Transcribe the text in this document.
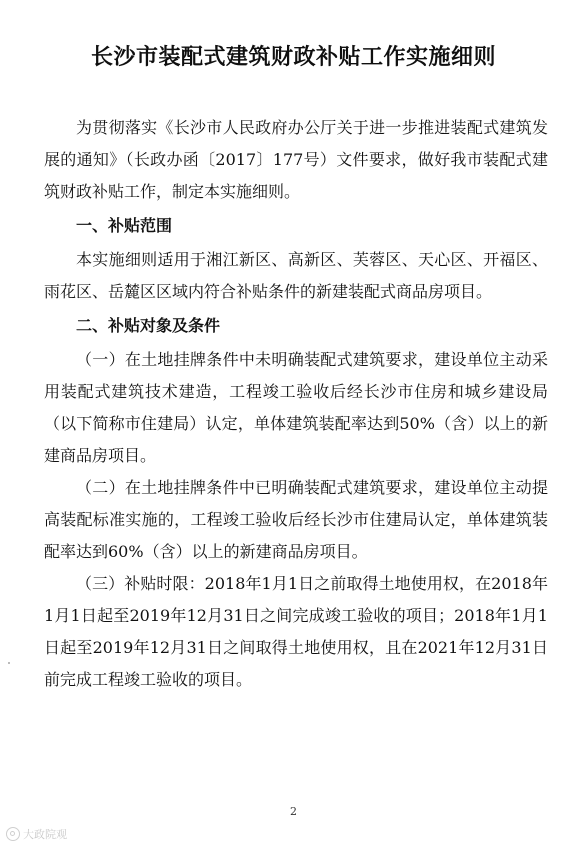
长沙市装配式建筑财政补贴工作实施细则

为贯彻落实《长沙市人民政府办公厅关于进一步推进装配式建筑发展的通知》（长政办函〔2017〕177号）文件要求，做好我市装配式建筑财政补贴工作，制定本实施细则。

一、补贴范围

本实施细则适用于湘江新区、高新区、芙蓉区、天心区、开福区、雨花区、岳麓区区域内符合补贴条件的新建装配式商品房项目。

二、补贴对象及条件

（一）在土地挂牌条件中未明确装配式建筑要求，建设单位主动采用装配式建筑技术建造，工程竣工验收后经长沙市住房和城乡建设局（以下简称市住建局）认定，单体建筑装配率达到50%（含）以上的新建商品房项目。

（二）在土地挂牌条件中已明确装配式建筑要求，建设单位主动提高装配标准实施的，工程竣工验收后经长沙市住建局认定，单体建筑装配率达到60%（含）以上的新建商品房项目。

（三）补贴时限：2018年1月1日之前取得土地使用权，在2018年1月1日起至2019年12月31日之间完成竣工验收的项目；2018年1月1日起至2019年12月31日之间取得土地使用权，且在2021年12月31日前完成工程竣工验收的项目。

2
大政院观
